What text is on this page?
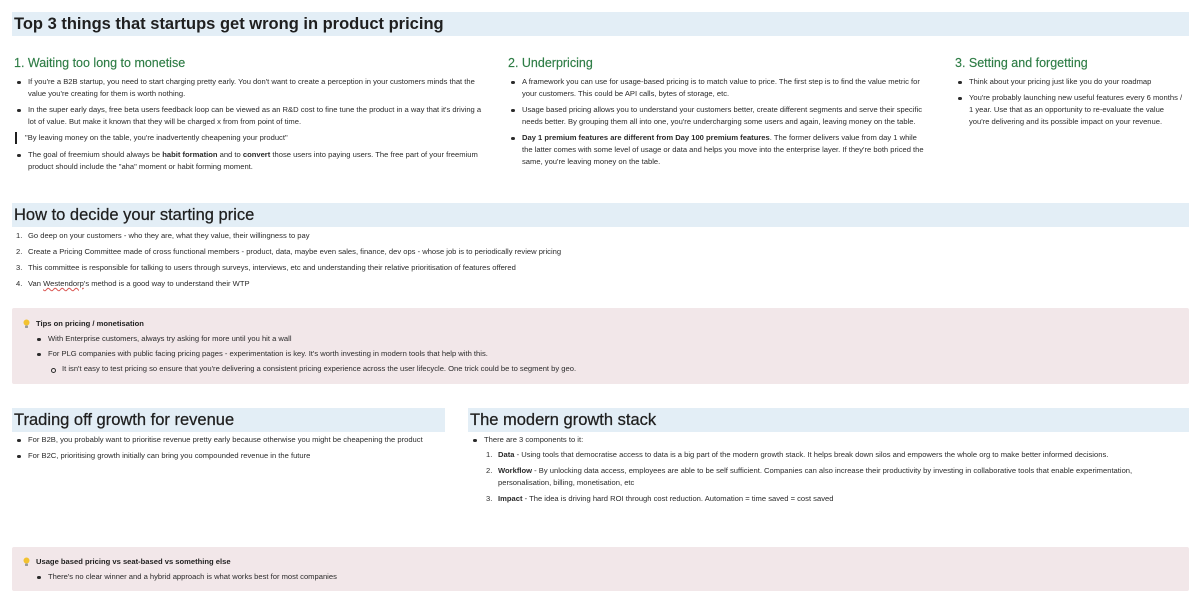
Top 3 things that startups get wrong in product pricing
1. Waiting too long to monetise
If you're a B2B startup, you need to start charging pretty early. You don't want to create a perception in your customers minds that the value you're creating for them is worth nothing.
In the super early days, free beta users feedback loop can be viewed as an R&D cost to fine tune the product in a way that it's driving a lot of value. But make it known that they will be charged x from from point of time.
"By leaving money on the table, you're inadvertently cheapening your product"
The goal of freemium should always be habit formation and to convert those users into paying users. The free part of your freemium product should include the "aha" moment or habit forming moment.
2. Underpricing
A framework you can use for usage-based pricing is to match value to price. The first step is to find the value metric for your customers. This could be API calls, bytes of storage, etc.
Usage based pricing allows you to understand your customers better, create different segments and serve their specific needs better. By grouping them all into one, you're undercharging some users and again, leaving money on the table.
Day 1 premium features are different from Day 100 premium features. The former delivers value from day 1 while the latter comes with some level of usage or data and helps you move into the enterprise layer. If they're both priced the same, you're leaving money on the table.
3. Setting and forgetting
Think about your pricing just like you do your roadmap
You're probably launching new useful features every 6 months / 1 year. Use that as an opportunity to re-evaluate the value you're delivering and its possible impact on your revenue.
How to decide your starting price
1. Go deep on your customers - who they are, what they value, their willingness to pay
2. Create a Pricing Committee made of cross functional members - product, data, maybe even sales, finance, dev ops - whose job is to periodically review pricing
3. This committee is responsible for talking to users through surveys, interviews, etc and understanding their relative prioritisation of features offered
4. Van Westendorp's method is a good way to understand their WTP
Tips on pricing / monetisation
With Enterprise customers, always try asking for more until you hit a wall
For PLG companies with public facing pricing pages - experimentation is key. It's worth investing in modern tools that help with this.
It isn't easy to test pricing so ensure that you're delivering a consistent pricing experience across the user lifecycle. One trick could be to segment by geo.
Trading off growth for revenue
For B2B, you probably want to prioritise revenue pretty early because otherwise you might be cheapening the product
For B2C, prioritising growth initially can bring you compounded revenue in the future
The modern growth stack
There are 3 components to it:
1. Data - Using tools that democratise access to data is a big part of the modern growth stack. It helps break down silos and empowers the whole org to make better informed decisions.
2. Workflow - By unlocking data access, employees are able to be self sufficient. Companies can also increase their productivity by investing in collaborative tools that enable experimentation, personalisation, billing, monetisation, etc
3. Impact - The idea is driving hard ROI through cost reduction. Automation = time saved = cost saved
Usage based pricing vs seat-based vs something else
There's no clear winner and a hybrid approach is what works best for most companies
